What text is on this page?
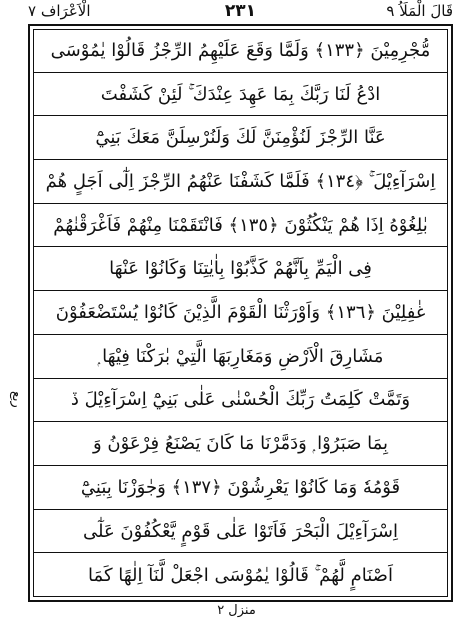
الْاَعْرَاف ۷	۲۳۱	قَالَ الْمَلَاُ ۹
مُّجْرِمِيْنَ ﴿١٣٣﴾ وَلَمَّا وَقَعَ عَلَيْهِمُ الرِّجْزُ قَالُوْا يٰمُوْسَى
ادْعُ لَنَا رَبَّكَ بِمَا عَهِدَ عِنْدَكَ ۚ لَئِنْ كَشَفْتَ
عَنَّا الرِّجْزَ لَنُؤْمِنَنَّ لَكَ وَلَنُرْسِلَنَّ مَعَكَ بَنِيْٓ
اِسْرَآءِيْلَ ۚ ﴿١٣٤﴾ فَلَمَّا كَشَفْنَا عَنْهُمُ الرِّجْزَ اِلٰٓى اَجَلٍ هُمْ
بٰلِغُوْهُ اِذَا هُمْ يَنْكُثُوْنَ ﴿١٣٥﴾ فَانْتَقَمْنَا مِنْهُمْ فَاَغْرَقْنٰهُمْ
فِى الْيَمِّ بِاَنَّهُمْ كَذَّبُوْا بِاٰيٰتِنَا وَكَانُوْا عَنْهَا
غٰفِلِيْنَ ﴿١٣٦﴾ وَاَوْرَثْنَا الْقَوْمَ الَّذِيْنَ كَانُوْا يُسْتَضْعَفُوْنَ
مَشَارِقَ الْاَرْضِ وَمَغَارِبَهَا الَّتِيْ بٰرَكْنَا فِيْهَا ۭ
وَتَمَّتْ كَلِمَتُ رَبِّكَ الْحُسْنٰى عَلٰى بَنِيْٓ اِسْرَآءِيْلَ ڏ
بِمَا صَبَرُوْا ۭ وَدَمَّرْنَا مَا كَانَ يَصْنَعُ فِرْعَوْنُ وَ
قَوْمُهٗ وَمَا كَانُوْا يَعْرِشُوْنَ ﴿١٣٧﴾ وَجٰوَزْنَا بِبَنِيْٓ
اِسْرَآءِيْلَ الْبَحْرَ فَاَتَوْا عَلٰى قَوْمٍ يَّعْكُفُوْنَ عَلٰٓى
اَصْنَامٍ لَّهُمْ ۚ قَالُوْا يٰمُوْسَى اجْعَلْ لَّنَآ اِلٰهًا كَمَا
ربع
منزل ٢
